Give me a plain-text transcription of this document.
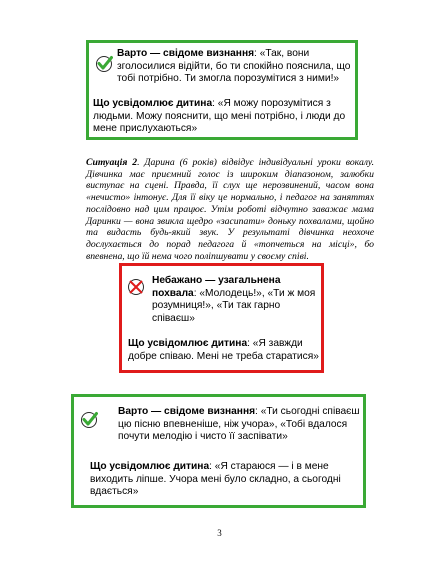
Варто — свідоме визнання: «Так, вони зголосилися відійти, бо ти спокійно пояснила, що тобі потрібно. Ти змогла порозумітися з ними!»
Що усвідомлює дитина: «Я можу порозумітися з людьми. Можу пояснити, що мені потрібно, і люди до мене прислухаються»
Ситуація 2. Дарина (6 років) відвідує індивідуальні уроки вокалу. Дівчинка має приємний голос із широким діапазоном, залюбки виступає на сцені. Правда, її слух ще нерозвинений, часом вона «нечисто» інтонує. Для її віку це нормально, і педагог на заняттях послідовно над цим працює. Утім роботі відчутно заважає мама Даринки — вона звикла щедро «засипати» доньку похвалами, щойно та видасть будь-який звук. У результаті дівчинка неохоче дослухається до порад педагога й «топчеться на місці», бо впевнена, що їй нема чого поліпшувати у своєму співі.
Небажано — узагальнена похвала: «Молодець!», «Ти ж моя розумниця!», «Ти так гарно співаєш»
Що усвідомлює дитина: «Я завжди добре співаю. Мені не треба старатися»
Варто — свідоме визнання: «Ти сьогодні співаєш цю пісню впевненіше, ніж учора», «Тобі вдалося почути мелодію і чисто її заспівати»
Що усвідомлює дитина: «Я стараюся — і в мене виходить ліпше. Учора мені було складно, а сьогодні вдається»
3
